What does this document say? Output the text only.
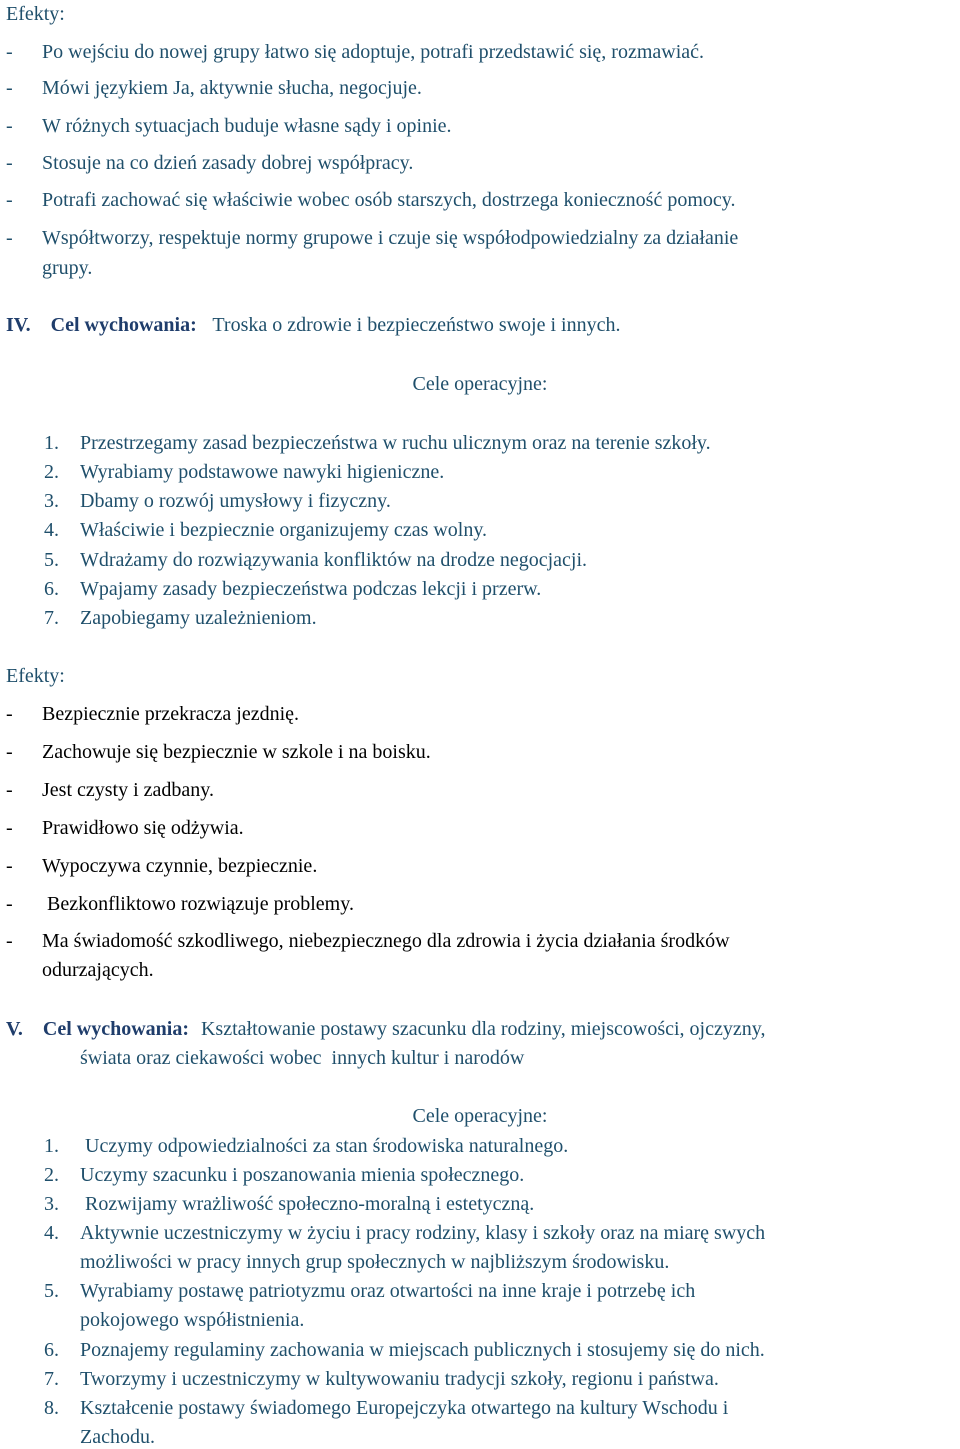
Efekty:
- Po wejściu do nowej grupy łatwo się adoptuje, potrafi przedstawić się, rozmawiać.
- Mówi językiem Ja, aktywnie słucha, negocjuje.
- W różnych sytuacjach buduje własne sądy i opinie.
- Stosuje na co dzień zasady dobrej współpracy.
- Potrafi zachować się właściwie wobec osób starszych, dostrzega konieczność pomocy.
- Współtworzy, respektuje normy grupowe i czuje się współodpowiedzialny za działanie
grupy.
IV. Cel wychowania: Troska o zdrowie i bezpieczeństwo swoje i innych.
Cele operacyjne:
1. Przestrzegamy zasad bezpieczeństwa w ruchu ulicznym oraz na terenie szkoły.
2. Wyrabiamy podstawowe nawyki higieniczne.
3. Dbamy o rozwój umysłowy i fizyczny.
4. Właściwie i bezpiecznie organizujemy czas wolny.
5. Wdrażamy do rozwiązywania konfliktów na drodze negocjacji.
6. Wpajamy zasady bezpieczeństwa podczas lekcji i przerw.
7. Zapobiegamy uzależnieniom.
Efekty:
- Bezpiecznie przekracza jezdnię.
- Zachowuje się bezpiecznie w szkole i na boisku.
- Jest czysty i zadbany.
- Prawidłowo się odżywia.
- Wypoczywa czynnie, bezpiecznie.
- Bezkonfliktowo rozwiązuje problemy.
- Ma świadomość szkodliwego, niebezpiecznego dla zdrowia i życia działania środków
odurzających.
V. Cel wychowania: Kształtowanie postawy szacunku dla rodziny, miejscowości, ojczyzny,
świata oraz ciekawości wobec  innych kultur i narodów
Cele operacyjne:
1. Uczymy odpowiedzialności za stan środowiska naturalnego.
2. Uczymy szacunku i poszanowania mienia społecznego.
3. Rozwijamy wrażliwość społeczno-moralną i estetyczną.
4. Aktywnie uczestniczymy w życiu i pracy rodziny, klasy i szkoły oraz na miarę swych
możliwości w pracy innych grup społecznych w najbliższym środowisku.
5. Wyrabiamy postawę patriotyzmu oraz otwartości na inne kraje i potrzebę ich
pokojowego współistnienia.
6. Poznajemy regulaminy zachowania w miejscach publicznych i stosujemy się do nich.
7. Tworzymy i uczestniczymy w kultywowaniu tradycji szkoły, regionu i państwa.
8. Kształcenie postawy świadomego Europejczyka otwartego na kultury Wschodu i
Zachodu.
